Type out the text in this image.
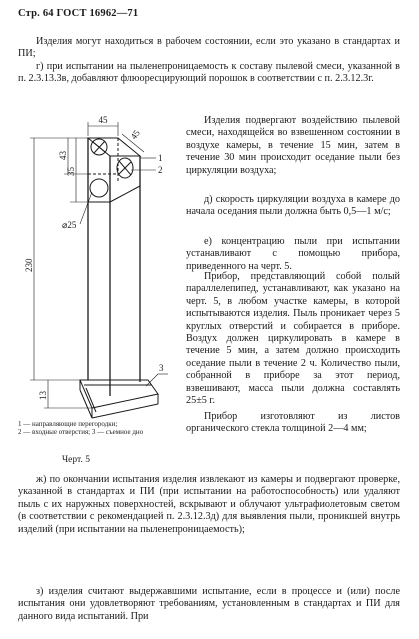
Стр. 64 ГОСТ 16962—71

Изделия могут находиться в рабочем состоянии, если это указано в стандартах и ПИ;

г) при испытании на пыленепроницаемость к составу пылевой смеси, указанной в п. 2.3.13.3в, добавляют флюоресцирующий порошок в соответствии с п. 2.3.12.3г.

45
45
43
35
230
13
⌀25
1
2
3
1 — направляющие перегородки;
2 — входные отверстия; 3 — съемное дно
Черт. 5

Изделия подвергают воздействию пылевой смеси, находящейся во взвешенном состоянии в воздухе камеры, в течение 15 мин, затем в течение 30 мин происходит оседание пыли без циркуляции воздуха;

д) скорость циркуляции воздуха в камере до начала оседания пыли должна быть 0,5—1 м/с;

е) концентрацию пыли при испытании устанавливают с помощью прибора, приведенного на черт. 5.

Прибор, представляющий собой полый параллелепипед, устанавливают, как указано на черт. 5, в любом участке камеры, в которой испытываются изделия. Пыль проникает через 5 круглых отверстий и собирается в приборе. Воздух должен циркулировать в камере в течение 5 мин, а затем должно происходить оседание пыли в течение 2 ч. Количество пыли, собранной в приборе за этот период, взвешивают, масса пыли должна составлять 25±5 г.

Прибор изготовляют из листов органического стекла толщиной 2—4 мм;

ж) по окончании испытания изделия извлекают из камеры и подвергают проверке, указанной в стандартах и ПИ (при испытании на работоспособность) или удаляют пыль с их наружных поверхностей, вскрывают и облучают ультрафиолетовым светом (в соответствии с рекомендацией п. 2.3.12.3д) для выявления пыли, проникшей внутрь изделий (при испытании на пыленепроницаемость);

з) изделия считают выдержавшими испытание, если в процессе и (или) после испытания они удовлетворяют требованиям, установленным в стандартах и ПИ для данного вида испытаний. При
